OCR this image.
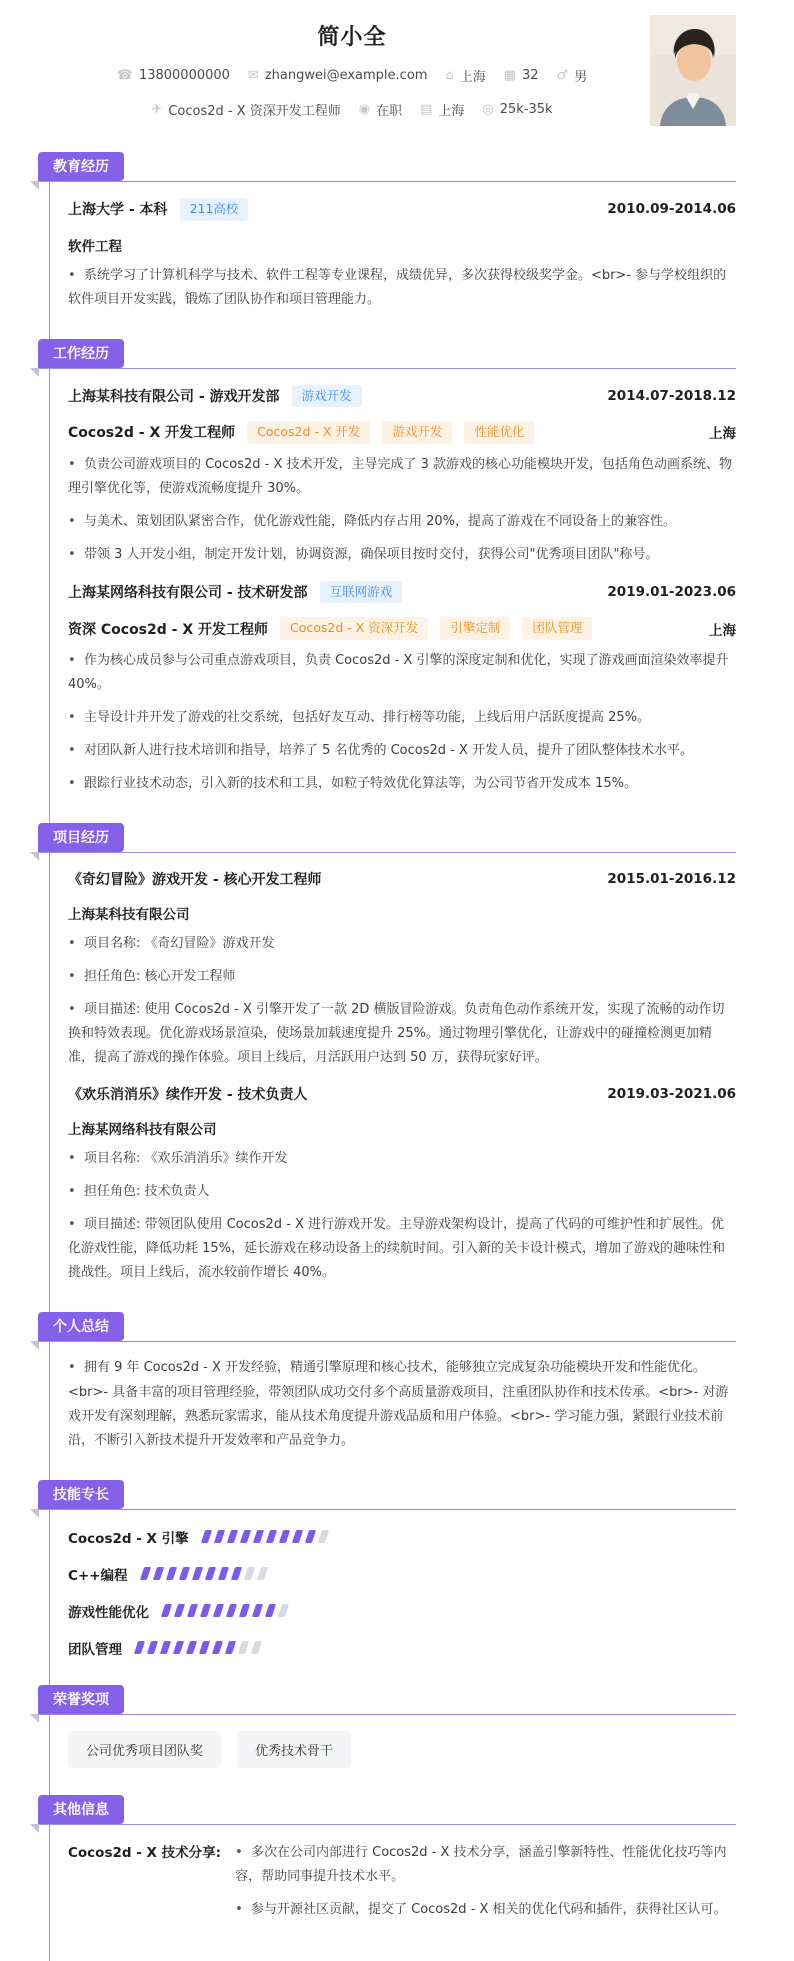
简小全
☎ 13800000000 ✉ zhangwei@example.com ⌂ 上海 ▦ 32 ♂ 男
✈ Cocos2d - X 资深开发工程师 ◉ 在职 ▤ 上海 ◎ 25k-35k
教育经历
上海大学 - 本科	211高校	2010.09-2014.06
软件工程

•  系统学习了计算机科学与技术、软件工程等专业课程，成绩优异，多次获得校级奖学金。<br>- 参与学校组织的软件项目开发实践，锻炼了团队协作和项目管理能力。

工作经历
上海某科技有限公司 - 游戏开发部	游戏开发	2014.07-2018.12
Cocos2d - X 开发工程师	Cocos2d - X 开发	游戏开发	性能优化	上海

•  负责公司游戏项目的 Cocos2d - X 技术开发，主导完成了 3 款游戏的核心功能模块开发，包括角色动画系统、物理引擎优化等，使游戏流畅度提升 30%。

•  与美术、策划团队紧密合作，优化游戏性能，降低内存占用 20%，提高了游戏在不同设备上的兼容性。

•  带领 3 人开发小组，制定开发计划，协调资源，确保项目按时交付，获得公司"优秀项目团队"称号。

上海某网络科技有限公司 - 技术研发部	互联网游戏	2019.01-2023.06
资深 Cocos2d - X 开发工程师	Cocos2d - X 资深开发	引擎定制	团队管理	上海

•  作为核心成员参与公司重点游戏项目，负责 Cocos2d - X 引擎的深度定制和优化，实现了游戏画面渲染效率提升 40%。

•  主导设计并开发了游戏的社交系统，包括好友互动、排行榜等功能，上线后用户活跃度提高 25%。

•  对团队新人进行技术培训和指导，培养了 5 名优秀的 Cocos2d - X 开发人员，提升了团队整体技术水平。

•  跟踪行业技术动态，引入新的技术和工具，如粒子特效优化算法等，为公司节省开发成本 15%。

项目经历
《奇幻冒险》游戏开发 - 核心开发工程师	2015.01-2016.12
上海某科技有限公司

•  项目名称: 《奇幻冒险》游戏开发

•  担任角色: 核心开发工程师

•  项目描述: 使用 Cocos2d - X 引擎开发了一款 2D 横版冒险游戏。负责角色动作系统开发，实现了流畅的动作切换和特效表现。优化游戏场景渲染，使场景加载速度提升 25%。通过物理引擎优化，让游戏中的碰撞检测更加精准，提高了游戏的操作体验。项目上线后，月活跃用户达到 50 万，获得玩家好评。

《欢乐消消乐》续作开发 - 技术负责人	2019.03-2021.06
上海某网络科技有限公司

•  项目名称: 《欢乐消消乐》续作开发

•  担任角色: 技术负责人

•  项目描述: 带领团队使用 Cocos2d - X 进行游戏开发。主导游戏架构设计，提高了代码的可维护性和扩展性。优化游戏性能，降低功耗 15%，延长游戏在移动设备上的续航时间。引入新的关卡设计模式，增加了游戏的趣味性和挑战性。项目上线后，流水较前作增长 40%。

个人总结

•  拥有 9 年 Cocos2d - X 开发经验，精通引擎原理和核心技术，能够独立完成复杂功能模块开发和性能优化。<br>- 具备丰富的项目管理经验，带领团队成功交付多个高质量游戏项目，注重团队协作和技术传承。<br>- 对游戏开发有深刻理解，熟悉玩家需求，能从技术角度提升游戏品质和用户体验。<br>- 学习能力强，紧跟行业技术前沿，不断引入新技术提升开发效率和产品竞争力。

技能专长
Cocos2d - X 引擎
C++编程
游戏性能优化
团队管理
荣誉奖项
公司优秀项目团队奖	优秀技术骨干
其他信息
Cocos2d - X 技术分享:	•  多次在公司内部进行 Cocos2d - X 技术分享，涵盖引擎新特性、性能优化技巧等内容，帮助同事提升技术水平。

•  参与开源社区贡献，提交了 Cocos2d - X 相关的优化代码和插件，获得社区认可。
